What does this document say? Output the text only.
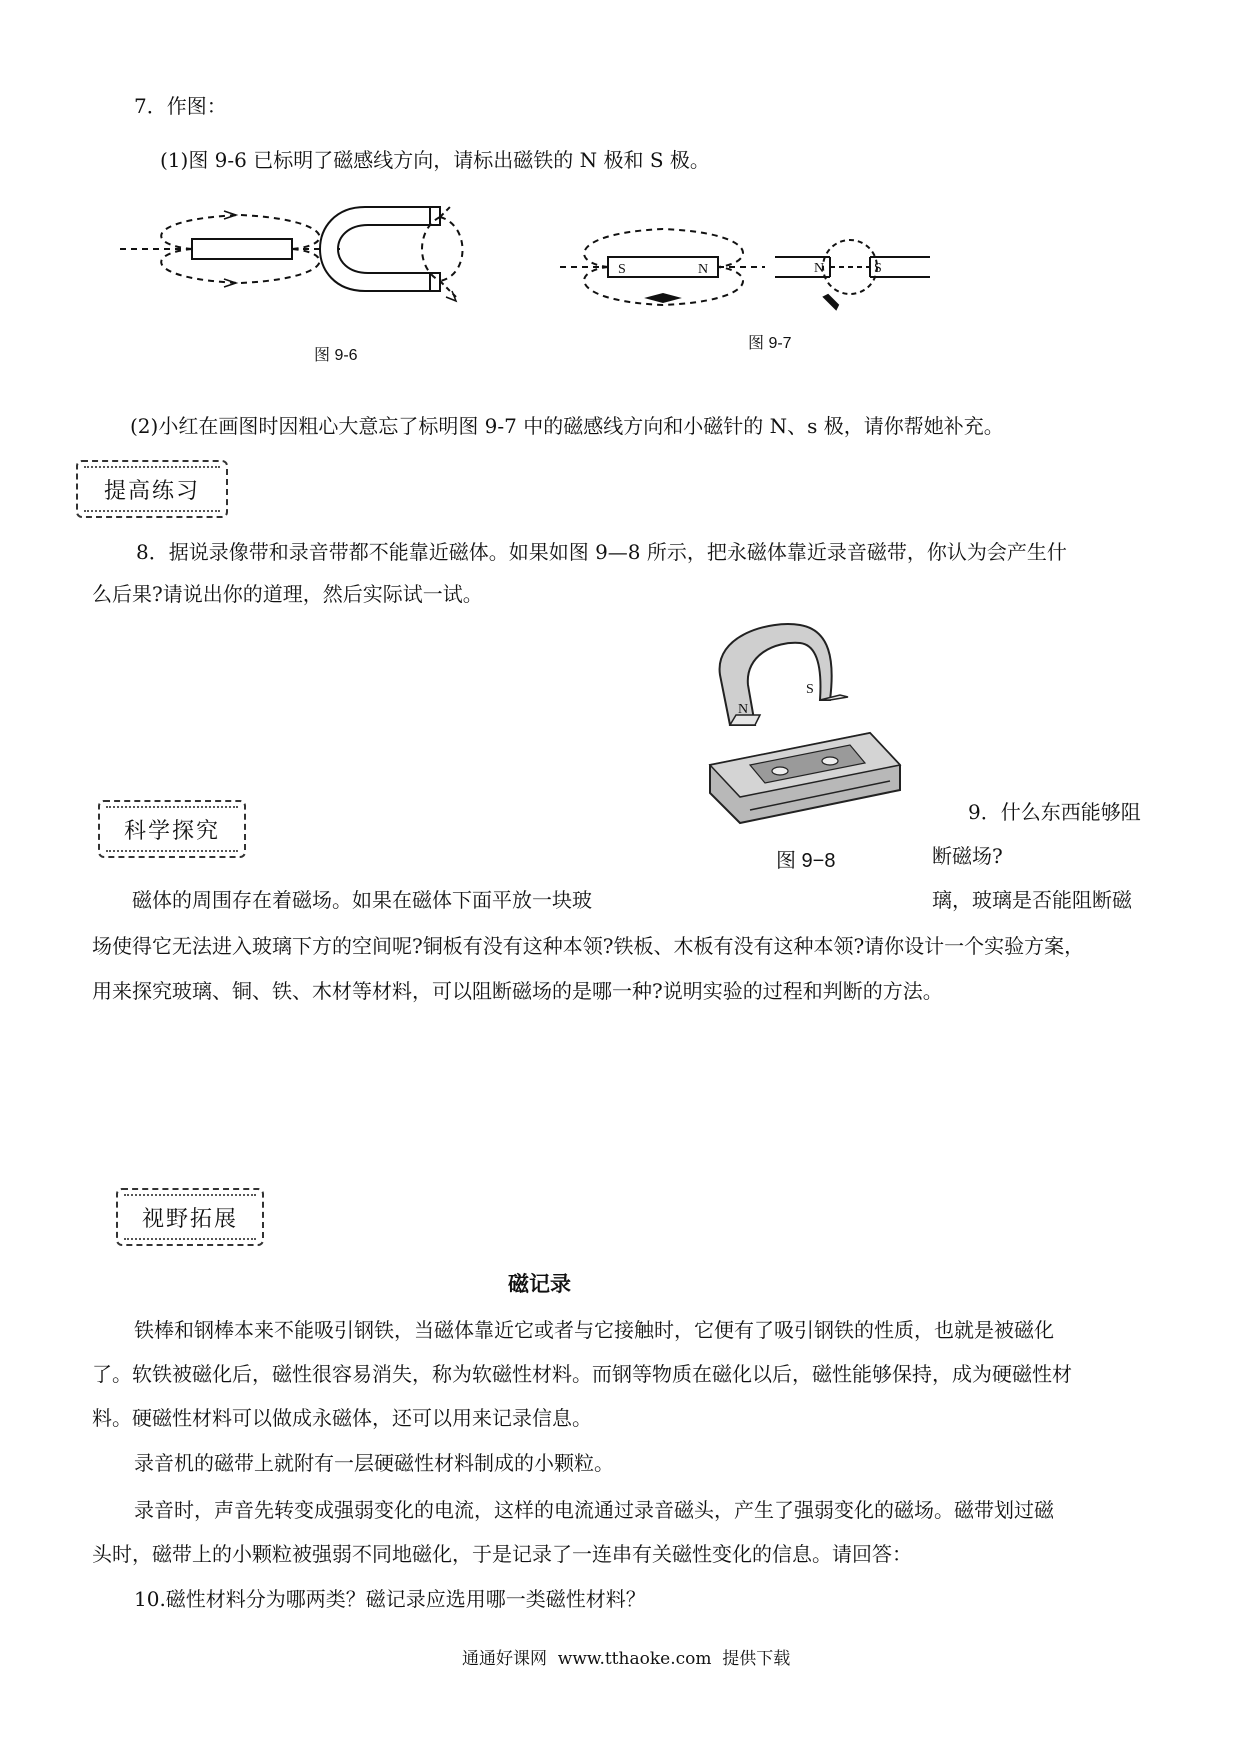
7．作图：
(1)图 9-6 已标明了磁感线方向，请标出磁铁的 N 极和 S 极。
图 9-6
S	N	N	S
图 9-7
(2)小红在画图时因粗心大意忘了标明图 9-7 中的磁感线方向和小磁针的 N、s 极，请你帮她补充。
提高练习
8．据说录像带和录音带都不能靠近磁体。如果如图 9—8 所示，把永磁体靠近录音磁带，你认为会产生什
么后果?请说出你的道理，然后实际试一试。
N
S
图 9−8
科学探究
9．什么东西能够阻
断磁场?
磁体的周围存在着磁场。如果在磁体下面平放一块玻	璃，玻璃是否能阻断磁
场使得它无法进入玻璃下方的空间呢?铜板有没有这种本领?铁板、木板有没有这种本领?请你设计一个实验方案，
用来探究玻璃、铜、铁、木材等材料，可以阻断磁场的是哪一种?说明实验的过程和判断的方法。
视野拓展
磁记录
铁棒和钢棒本来不能吸引钢铁，当磁体靠近它或者与它接触时，它便有了吸引钢铁的性质，也就是被磁化
了。软铁被磁化后，磁性很容易消失，称为软磁性材料。而钢等物质在磁化以后，磁性能够保持，成为硬磁性材
料。硬磁性材料可以做成永磁体，还可以用来记录信息。
录音机的磁带上就附有一层硬磁性材料制成的小颗粒。
录音时，声音先转变成强弱变化的电流，这样的电流通过录音磁头，产生了强弱变化的磁场。磁带划过磁
头时，磁带上的小颗粒被强弱不同地磁化，于是记录了一连串有关磁性变化的信息。请回答：
10.磁性材料分为哪两类？磁记录应选用哪一类磁性材料？
通通好课网  www.tthaoke.com  提供下载
